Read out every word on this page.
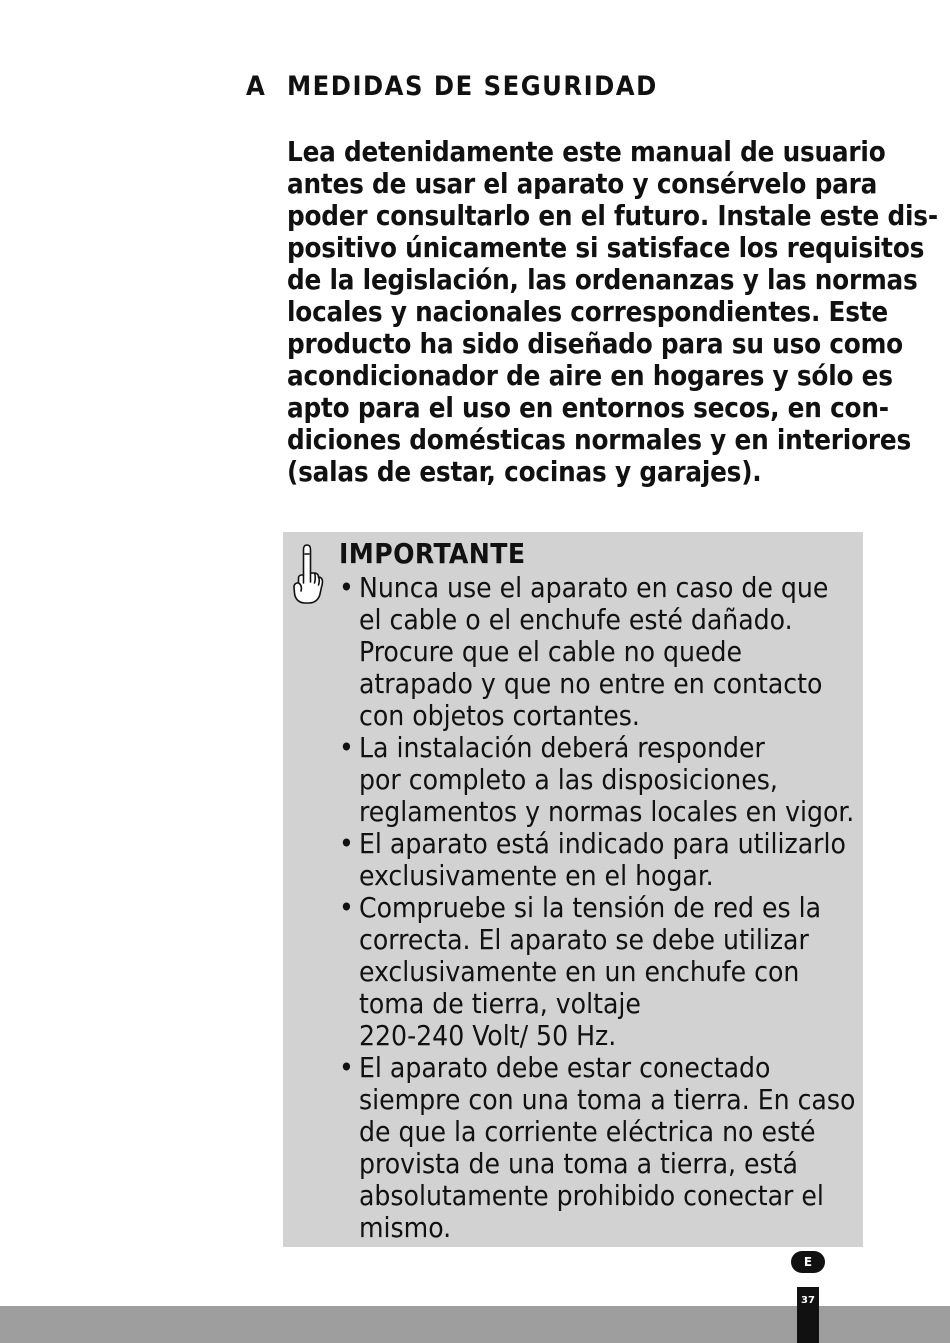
A MEDIDAS DE SEGURIDAD

Lea detenidamente este manual de usuario
antes de usar el aparato y consérvelo para
poder consultarlo en el futuro. Instale este dis-
positivo únicamente si satisface los requisitos
de la legislación, las ordenanzas y las normas
locales y nacionales correspondientes. Este
producto ha sido diseñado para su uso como
acondicionador de aire en hogares y sólo es
apto para el uso en entornos secos, en con-
diciones domésticas normales y en interiores
(salas de estar, cocinas y garajes).

IMPORTANTE
• Nunca use el aparato en caso de que
el cable o el enchufe esté dañado.
Procure que el cable no quede
atrapado y que no entre en contacto
con objetos cortantes.
• La instalación deberá responder
por completo a las disposiciones,
reglamentos y normas locales en vigor.
• El aparato está indicado para utilizarlo
exclusivamente en el hogar.
• Compruebe si la tensión de red es la
correcta. El aparato se debe utilizar
exclusivamente en un enchufe con
toma de tierra, voltaje
220-240 Volt/ 50 Hz.
• El aparato debe estar conectado
siempre con una toma a tierra. En caso
de que la corriente eléctrica no esté
provista de una toma a tierra, está
absolutamente prohibido conectar el
mismo.
E
37
